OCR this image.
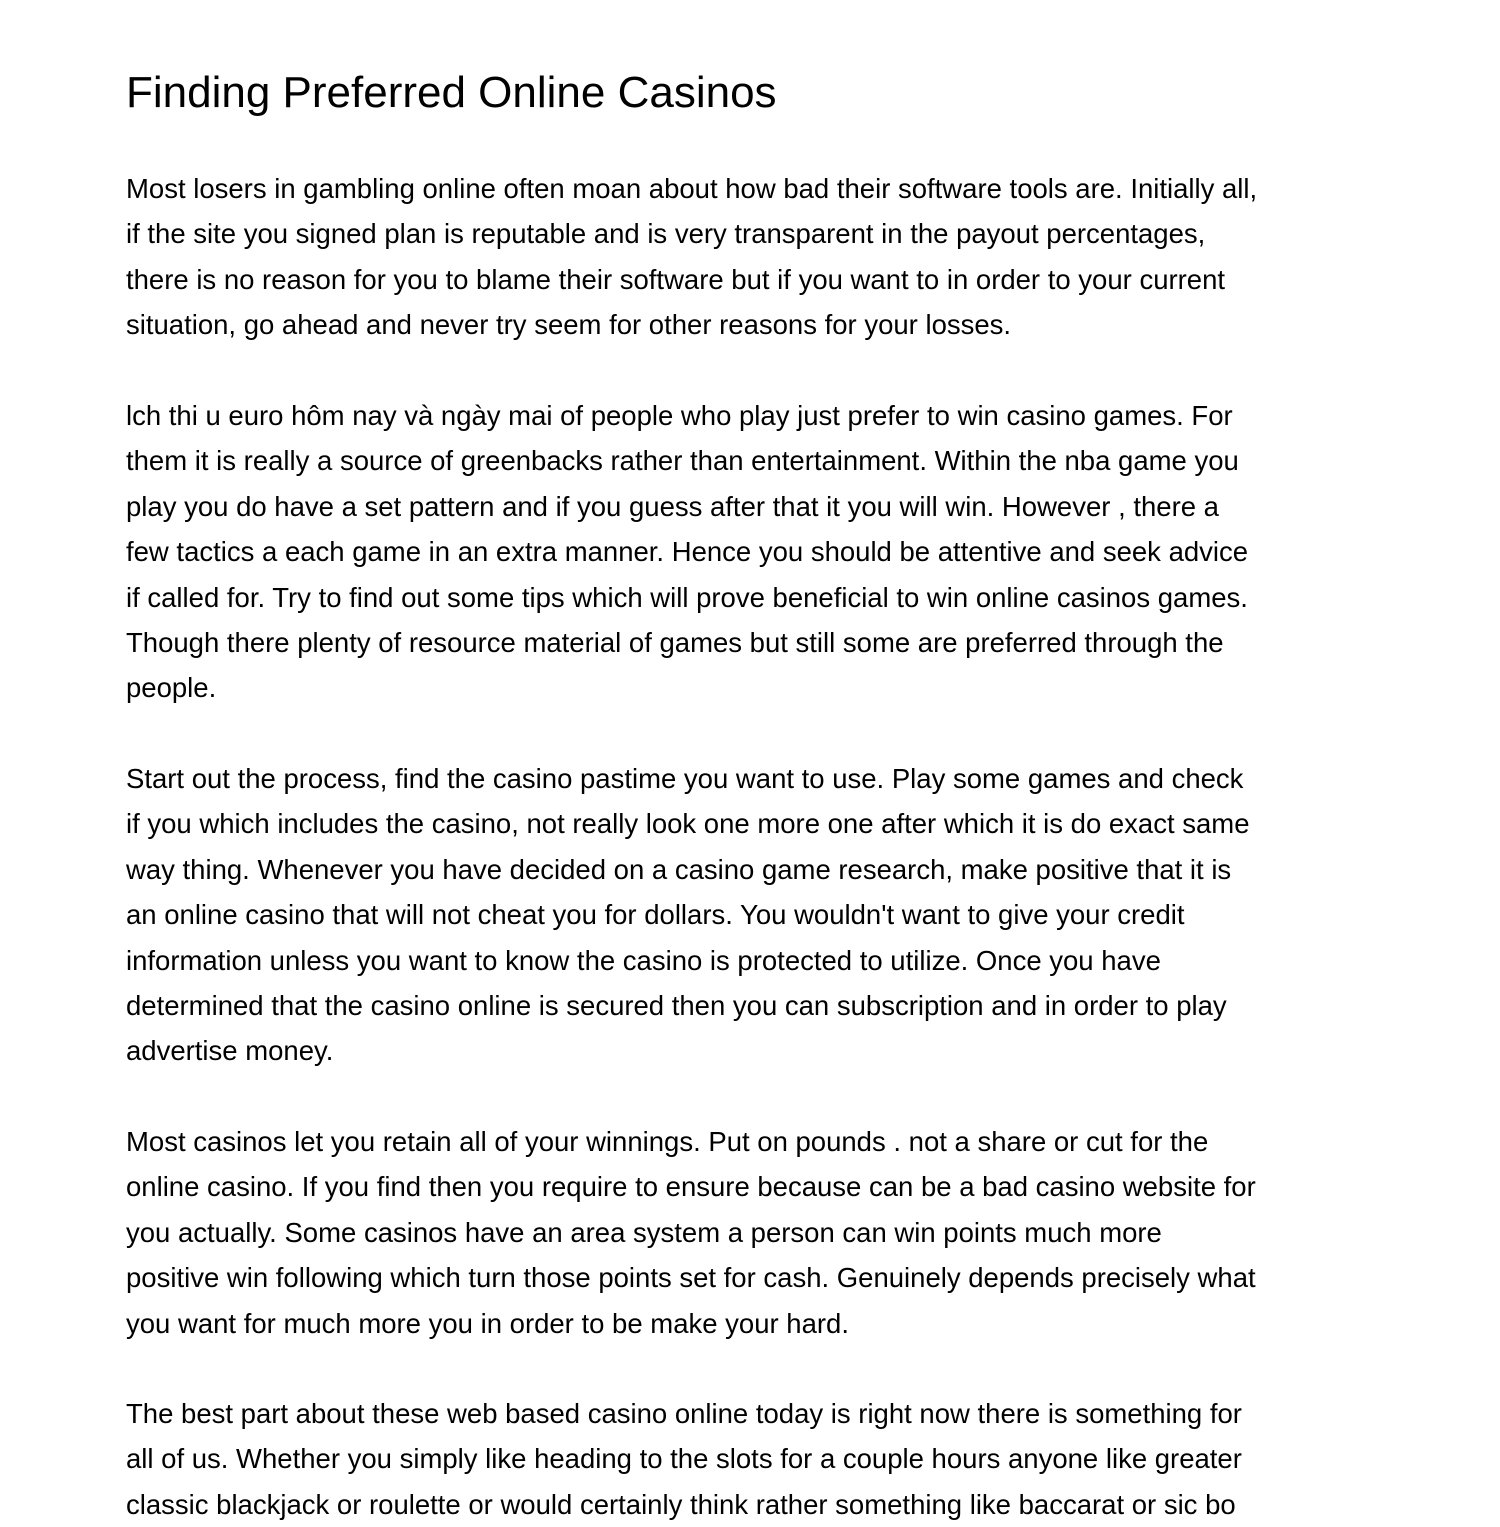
Finding Preferred Online Casinos

Most losers in gambling online often moan about how bad their software tools are. Initially all,
if the site you signed plan is reputable and is very transparent in the payout percentages,
there is no reason for you to blame their software but if you want to in order to your current
situation, go ahead and never try seem for other reasons for your losses.

lch thi u euro hôm nay và ngày mai of people who play just prefer to win casino games. For
them it is really a source of greenbacks rather than entertainment. Within the nba game you
play you do have a set pattern and if you guess after that it you will win. However , there a
few tactics a each game in an extra manner. Hence you should be attentive and seek advice
if called for. Try to find out some tips which will prove beneficial to win online casinos games.
Though there plenty of resource material of games but still some are preferred through the
people.

Start out the process, find the casino pastime you want to use. Play some games and check
if you which includes the casino, not really look one more one after which it is do exact same
way thing. Whenever you have decided on a casino game research, make positive that it is
an online casino that will not cheat you for dollars. You wouldn't want to give your credit
information unless you want to know the casino is protected to utilize. Once you have
determined that the casino online is secured then you can subscription and in order to play
advertise money.

Most casinos let you retain all of your winnings. Put on pounds . not a share or cut for the
online casino. If you find then you require to ensure because can be a bad casino website for
you actually. Some casinos have an area system a person can win points much more
positive win following which turn those points set for cash. Genuinely depends precisely what
you want for much more you in order to be make your hard.

The best part about these web based casino online today is right now there is something for
all of us. Whether you simply like heading to the slots for a couple hours anyone like greater
classic blackjack or roulette or would certainly think rather something like baccarat or sic bo
